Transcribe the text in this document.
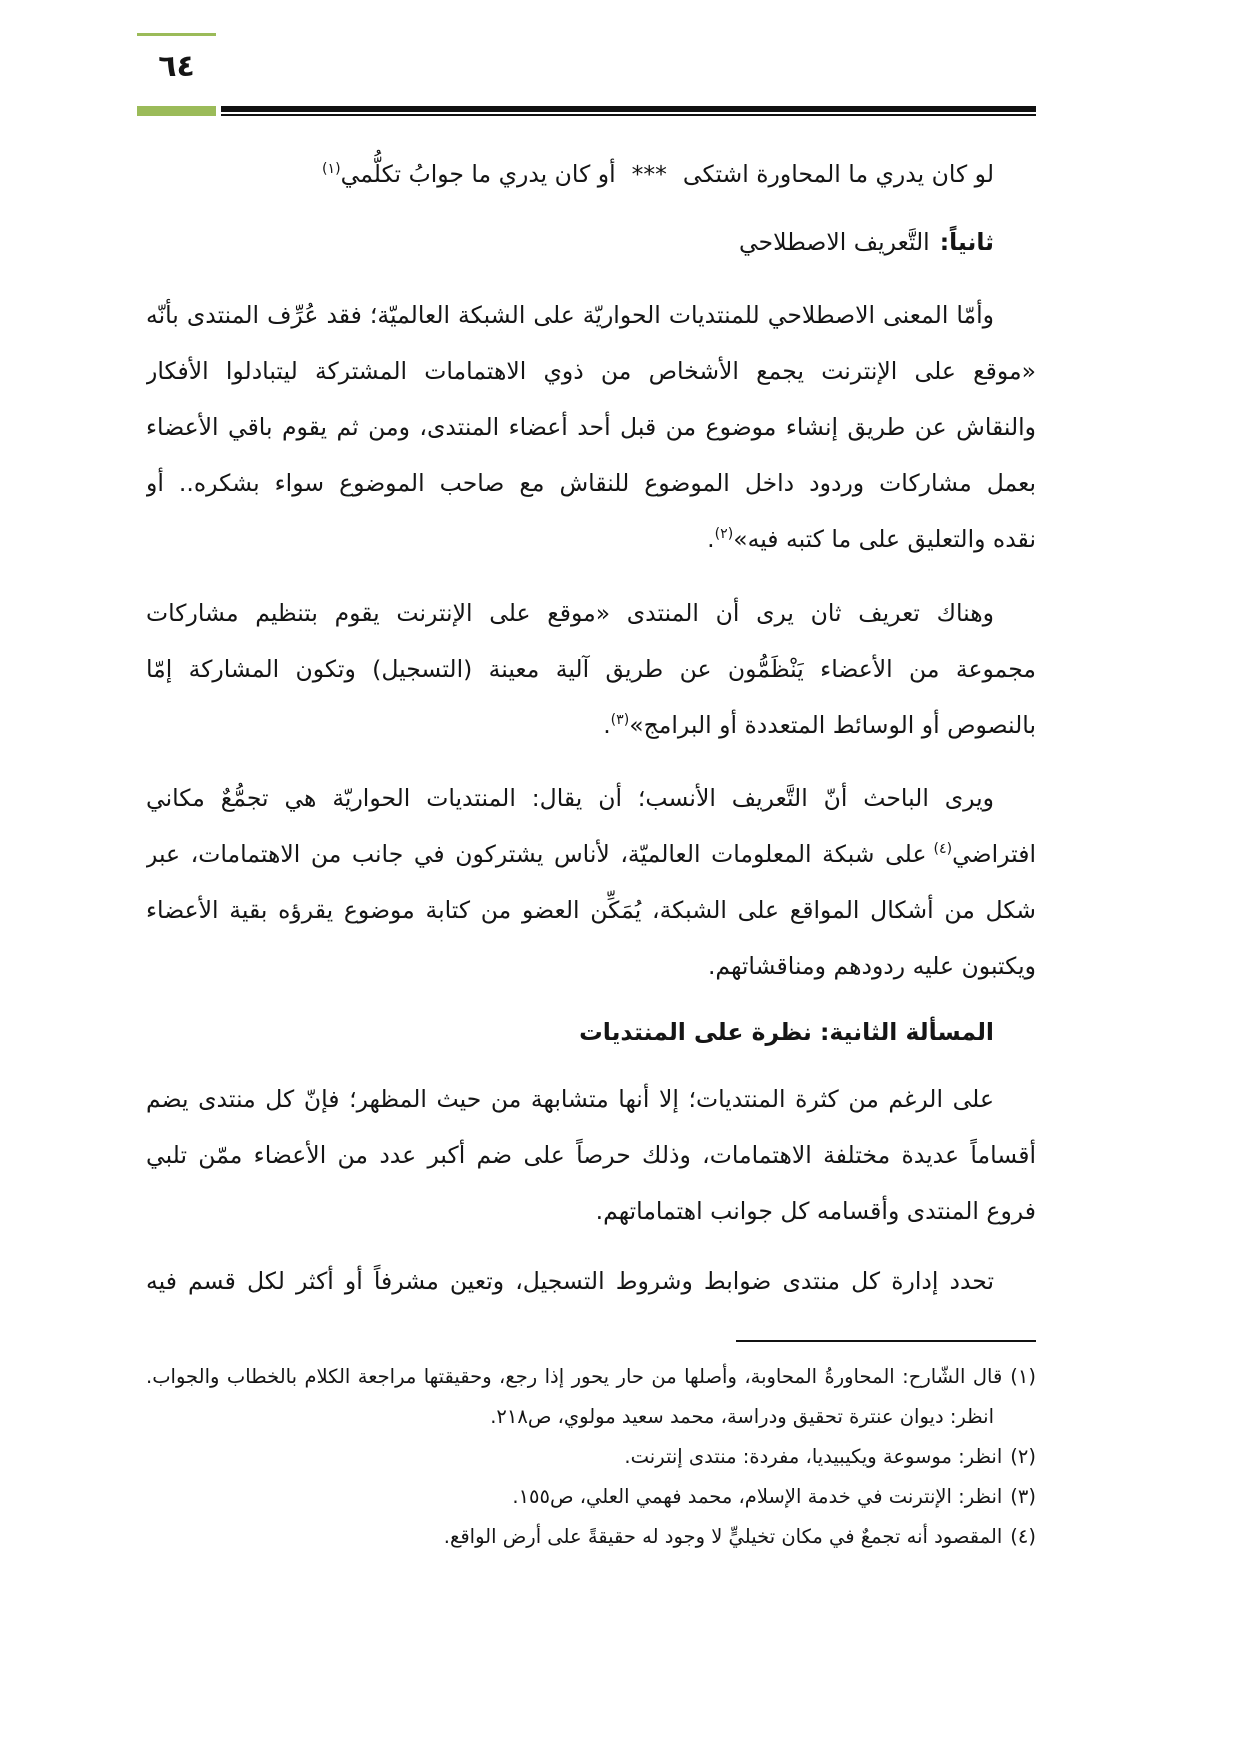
٦٤
لو كان يدري ما المحاورة اشتكى***أو كان يدري ما جوابُ تكلُّمي$^{(١)}$
ثانياً:التَّعريف الاصطلاحي
وأمّا المعنى الاصطلاحي للمنتديات الحواريّة على الشبكة العالميّة؛ فقد عُرِّف المنتدى بأنّه
«موقع على الإنترنت يجمع الأشخاص من ذوي الاهتمامات المشتركة ليتبادلوا الأفكار
والنقاش عن طريق إنشاء موضوع من قبل أحد أعضاء المنتدى، ومن ثم يقوم باقي الأعضاء
بعمل مشاركات وردود داخل الموضوع للنقاش مع صاحب الموضوع سواء بشكره.. أو
نقده والتعليق على ما كتبه فيه»$^{(٢)}$.
وهناك تعريف ثان يرى أن المنتدى «موقع على الإنترنت يقوم بتنظيم مشاركات
مجموعة من الأعضاء يَنْظَمُّون عن طريق آلية معينة (التسجيل) وتكون المشاركة إمّا
بالنصوص أو الوسائط المتعددة أو البرامج»$^{(٣)}$.
ويرى الباحث أنّ التَّعريف الأنسب؛ أن يقال: المنتديات الحواريّة هي تجمُّعٌ مكاني
افتراضي$^{(٤)}$على شبكة المعلومات العالميّة، لأناس يشتركون في جانب من الاهتمامات، عبر
شكل من أشكال المواقع على الشبكة، يُمَكِّن العضو من كتابة موضوع يقرؤه بقية الأعضاء
ويكتبون عليه ردودهم ومناقشاتهم.
المسألة الثانية: نظرة على المنتديات
على الرغم من كثرة المنتديات؛ إلا أنها متشابهة من حيث المظهر؛ فإنّ كل منتدى يضم
أقساماً عديدة مختلفة الاهتمامات، وذلك حرصاً على ضم أكبر عدد من الأعضاء ممّن تلبي
فروع المنتدى وأقسامه كل جوانب اهتماماتهم.
تحدد إدارة كل منتدى ضوابط وشروط التسجيل، وتعين مشرفاً أو أكثر لكل قسم فيه
(١)قال الشّارح: المحاورةُ المحاوبة، وأصلها من حار يحور إذا رجع، وحقيقتها مراجعة الكلام بالخطاب والجواب.
انظر: ديوان عنترة تحقيق ودراسة، محمد سعيد مولوي، ص٢١٨.
(٢)انظر: موسوعة ويكيبيديا، مفردة: منتدى إنترنت.
(٣)انظر: الإنترنت في خدمة الإسلام، محمد فهمي العلي، ص١٥٥.
(٤)المقصود أنه تجمعٌ في مكان تخيليٍّ لا وجود له حقيقةً على أرض الواقع.
